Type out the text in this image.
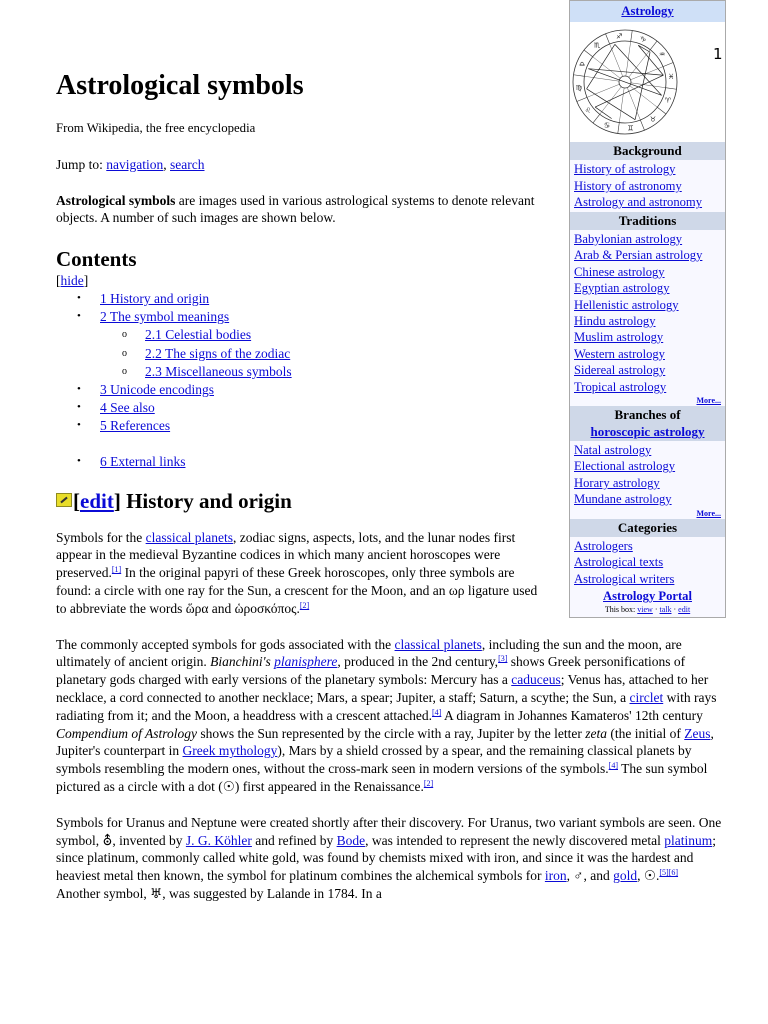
Astrology
♈
♉
♊
♋
♌
♍
♎
♏
♐	♑
♒
♓
Background
History of astrology
History of astronomy
Astrology and astronomy
Traditions
Babylonian astrology
Arab & Persian astrology
Chinese astrology
Egyptian astrology
Hellenistic astrology
Hindu astrology
Muslim astrology
Western astrology
Sidereal astrology
Tropical astrology
More...
Branches of
horoscopic astrology
Natal astrology
Electional astrology
Horary astrology
Mundane astrology
More...
Categories
Astrologers
Astrological texts
Astrological writers
Astrology Portal
This box: view · talk · edit
1
Astrological symbols

From Wikipedia, the free encyclopedia

Jump to: navigation, search

Astrological symbols are images used in various astrological systems to denote relevant objects. A number of such images are shown below.

Contents
[hide]
• 1 History and origin
• 2 The symbol meanings
o 2.1 Celestial bodies
o 2.2 The signs of the zodiac
o 2.3 Miscellaneous symbols
• 3 Unicode encodings
• 4 See also
• 5 References
• 6 External links
[edit] History and origin

Symbols for the classical planets, zodiac signs, aspects, lots, and the lunar nodes first appear in the medieval Byzantine codices in which many ancient horoscopes were preserved.[1] In the original papyri of these Greek horoscopes, only three symbols are found: a circle with one ray for the Sun, a crescent for the Moon, and an ωρ ligature used to abbreviate the words ὥρα and ὡροσκόπος.[2]

The commonly accepted symbols for gods associated with the classical planets, including the sun and the moon, are ultimately of ancient origin. Bianchini's planisphere, produced in the 2nd century,[3] shows Greek personifications of planetary gods charged with early versions of the planetary symbols: Mercury has a caduceus; Venus has, attached to her necklace, a cord connected to another necklace; Mars, a spear; Jupiter, a staff; Saturn, a scythe; the Sun, a circlet with rays radiating from it; and the Moon, a headdress with a crescent attached.[4] A diagram in Johannes Kamateros' 12th century Compendium of Astrology shows the Sun represented by the circle with a ray, Jupiter by the letter zeta (the initial of Zeus, Jupiter's counterpart in Greek mythology), Mars by a shield crossed by a spear, and the remaining classical planets by symbols resembling the modern ones, without the cross-mark seen in modern versions of the symbols.[4] The sun symbol pictured as a circle with a dot (☉) first appeared in the Renaissance.[2]

Symbols for Uranus and Neptune were created shortly after their discovery. For Uranus, two variant symbols are seen. One symbol, ⛢, invented by J. G. Köhler and refined by Bode, was intended to represent the newly discovered metal platinum; since platinum, commonly called white gold, was found by chemists mixed with iron, and since it was the hardest and heaviest metal then known, the symbol for platinum combines the alchemical symbols for iron, ♂, and gold, ☉.[5][6] Another symbol, ♅, was suggested by Lalande in 1784. In a
